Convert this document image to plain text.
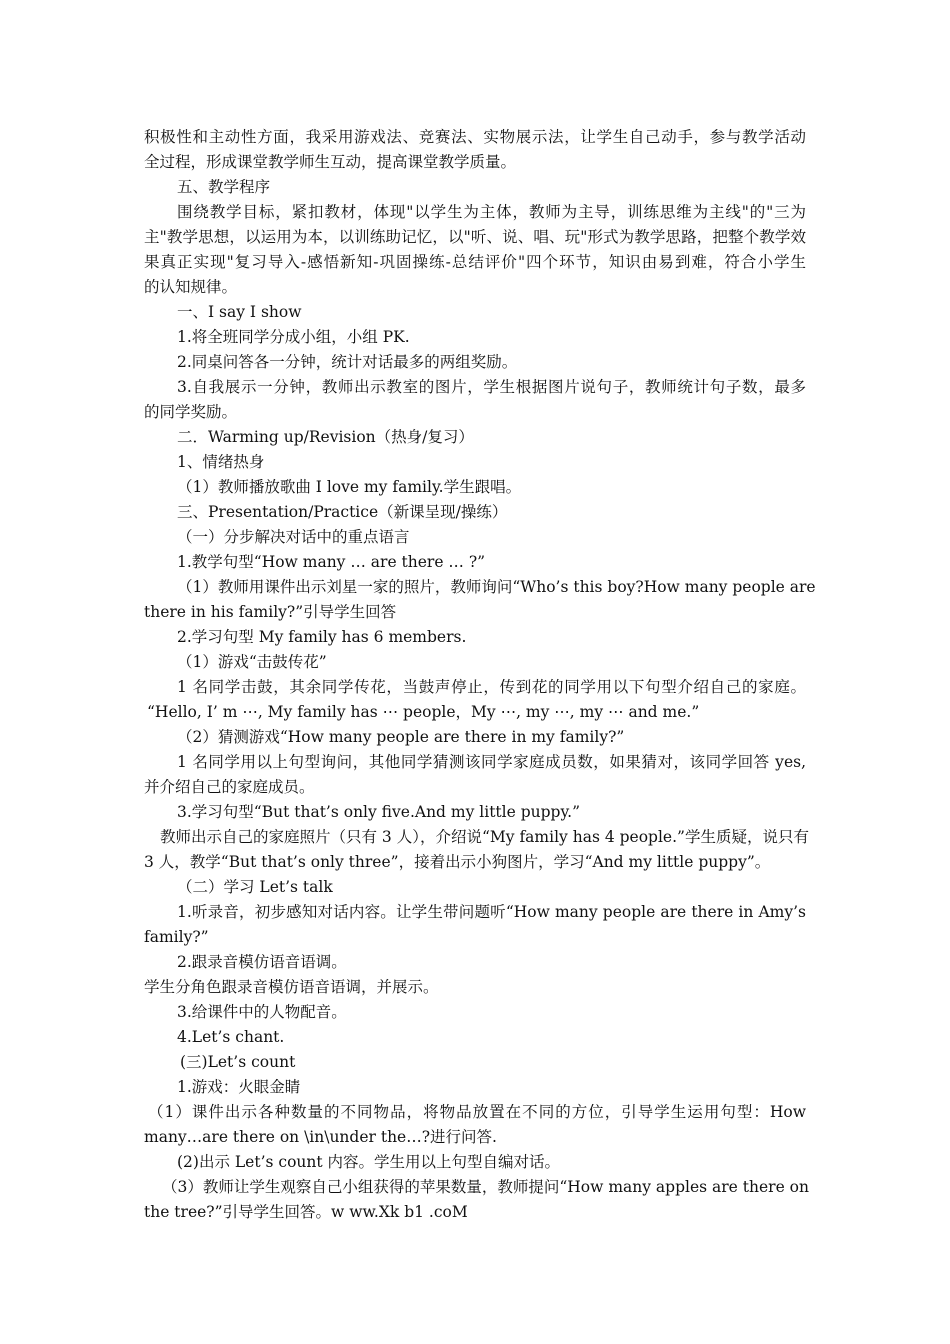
积极性和主动性方面，我采用游戏法、竞赛法、实物展示法，让学生自己动手，参与教学活动
全过程，形成课堂教学师生互动，提高课堂教学质量。
五、教学程序
围绕教学目标，紧扣教材，体现"以学生为主体，教师为主导，训练思维为主线"的"三为
主"教学思想，以运用为本，以训练助记忆，以"听、说、唱、玩"形式为教学思路，把整个教学效
果真正实现"复习导入-感悟新知-巩固操练-总结评价"四个环节，知识由易到难，符合小学生
的认知规律。
一、I say I show
1.将全班同学分成小组，小组 PK.
2.同桌问答各一分钟，统计对话最多的两组奖励。
3.自我展示一分钟，教师出示教室的图片，学生根据图片说句子，教师统计句子数，最多
的同学奖励。
二．Warming up/Revision（热身/复习）
1、情绪热身
（1）教师播放歌曲 I love my family.学生跟唱。
三、Presentation/Practice（新课呈现/操练）
（一）分步解决对话中的重点语言
1.教学句型“How many … are there … ?”
（1）教师用课件出示刘星一家的照片，教师询问“Who’s this boy?How many people are
there in his family?”引导学生回答
2.学习句型 My family has 6 members.
（1）游戏“击鼓传花”
1 名同学击鼓，其余同学传花，当鼓声停止，传到花的同学用以下句型介绍自己的家庭。
“Hello, I’ m ⋯, My family has ⋯ people，My ⋯, my ⋯, my ⋯ and me.”
（2）猜测游戏“How many people are there in my family?”
1 名同学用以上句型询问，其他同学猜测该同学家庭成员数，如果猜对，该同学回答 yes,
并介绍自己的家庭成员。
3.学习句型“But that’s only five.And my little puppy.”
教师出示自己的家庭照片（只有 3 人），介绍说“My family has 4 people.”学生质疑，说只有
3 人，教学“But that’s only three”，接着出示小狗图片，学习“And my little puppy”。
（二）学习 Let’s talk
1.听录音，初步感知对话内容。让学生带问题听“How many people are there in Amy’s
family?”
2.跟录音模仿语音语调。
学生分角色跟录音模仿语音语调，并展示。
3.给课件中的人物配音。
4.Let’s chant.
(三)Let’s count
1.游戏：火眼金睛
（1）课件出示各种数量的不同物品，将物品放置在不同的方位，引导学生运用句型：How
many…are there on \in\under the…?进行问答.
(2)出示 Let’s count 内容。学生用以上句型自编对话。
（3）教师让学生观察自己小组获得的苹果数量，教师提问“How many apples are there on
the tree?”引导学生回答。w ww.Xk b1 .coM
